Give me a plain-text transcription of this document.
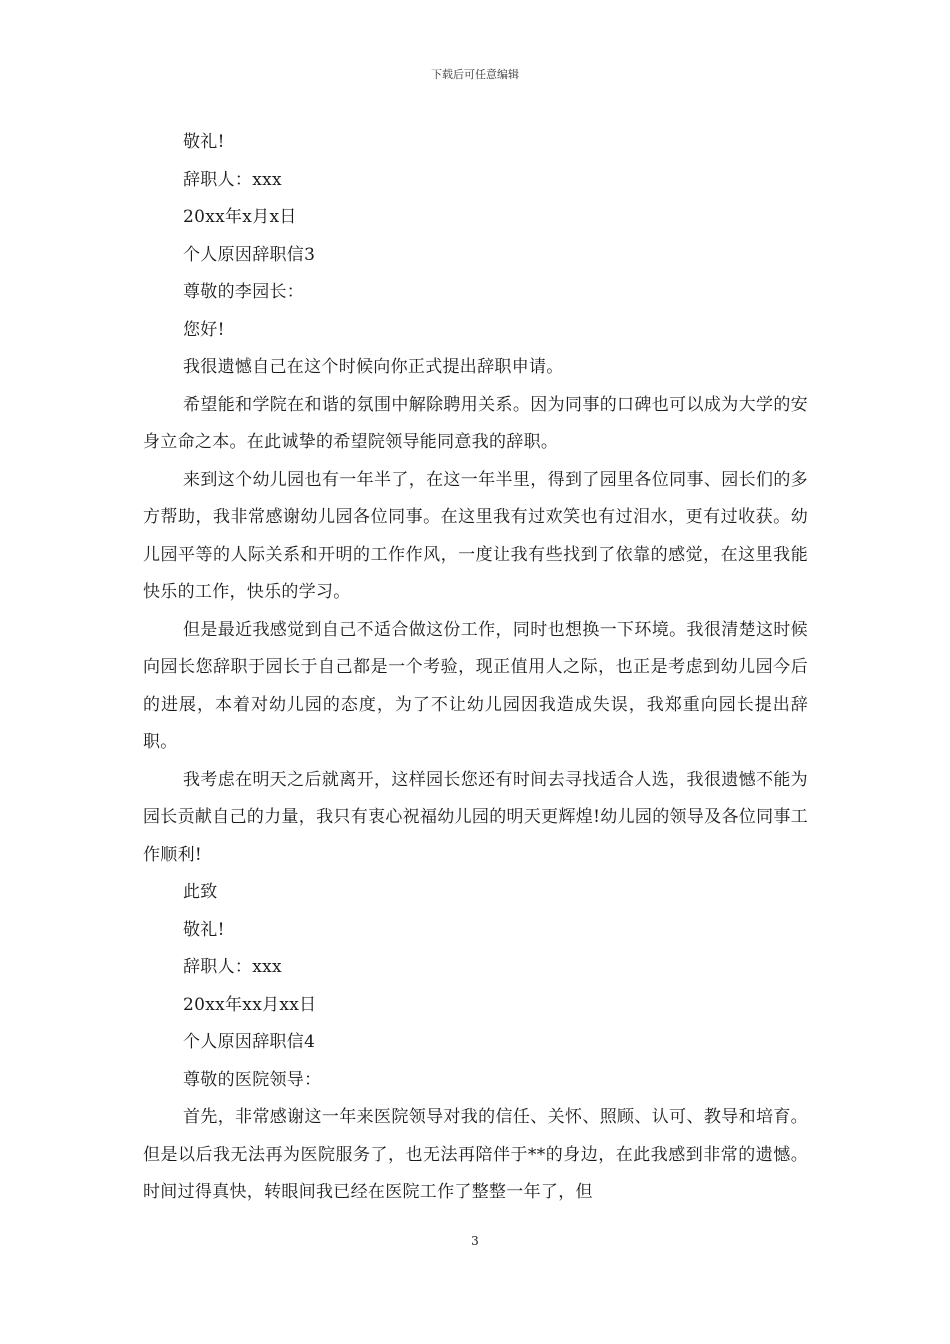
下载后可任意编辑

敬礼!

辞职人：xxx

20xx年x月x日

个人原因辞职信3

尊敬的李园长：

您好!

我很遗憾自己在这个时候向你正式提出辞职申请。

希望能和学院在和谐的氛围中解除聘用关系。因为同事的口碑也可以成为大学的安身立命之本。在此诚挚的希望院领导能同意我的辞职。

来到这个幼儿园也有一年半了，在这一年半里，得到了园里各位同事、园长们的多方帮助，我非常感谢幼儿园各位同事。在这里我有过欢笑也有过泪水，更有过收获。幼儿园平等的人际关系和开明的工作作风，一度让我有些找到了依靠的感觉，在这里我能快乐的工作，快乐的学习。

但是最近我感觉到自己不适合做这份工作，同时也想换一下环境。我很清楚这时候向园长您辞职于园长于自己都是一个考验，现正值用人之际，也正是考虑到幼儿园今后的进展，本着对幼儿园的态度，为了不让幼儿园因我造成失误，我郑重向园长提出辞职。

我考虑在明天之后就离开，这样园长您还有时间去寻找适合人选，我很遗憾不能为园长贡献自己的力量，我只有衷心祝福幼儿园的明天更辉煌!幼儿园的领导及各位同事工作顺利!

此致

敬礼!

辞职人：xxx

20xx年xx月xx日

个人原因辞职信4

尊敬的医院领导：

首先，非常感谢这一年来医院领导对我的信任、关怀、照顾、认可、教导和培育。但是以后我无法再为医院服务了，也无法再陪伴于**的身边，在此我感到非常的遗憾。时间过得真快，转眼间我已经在医院工作了整整一年了，但

3
